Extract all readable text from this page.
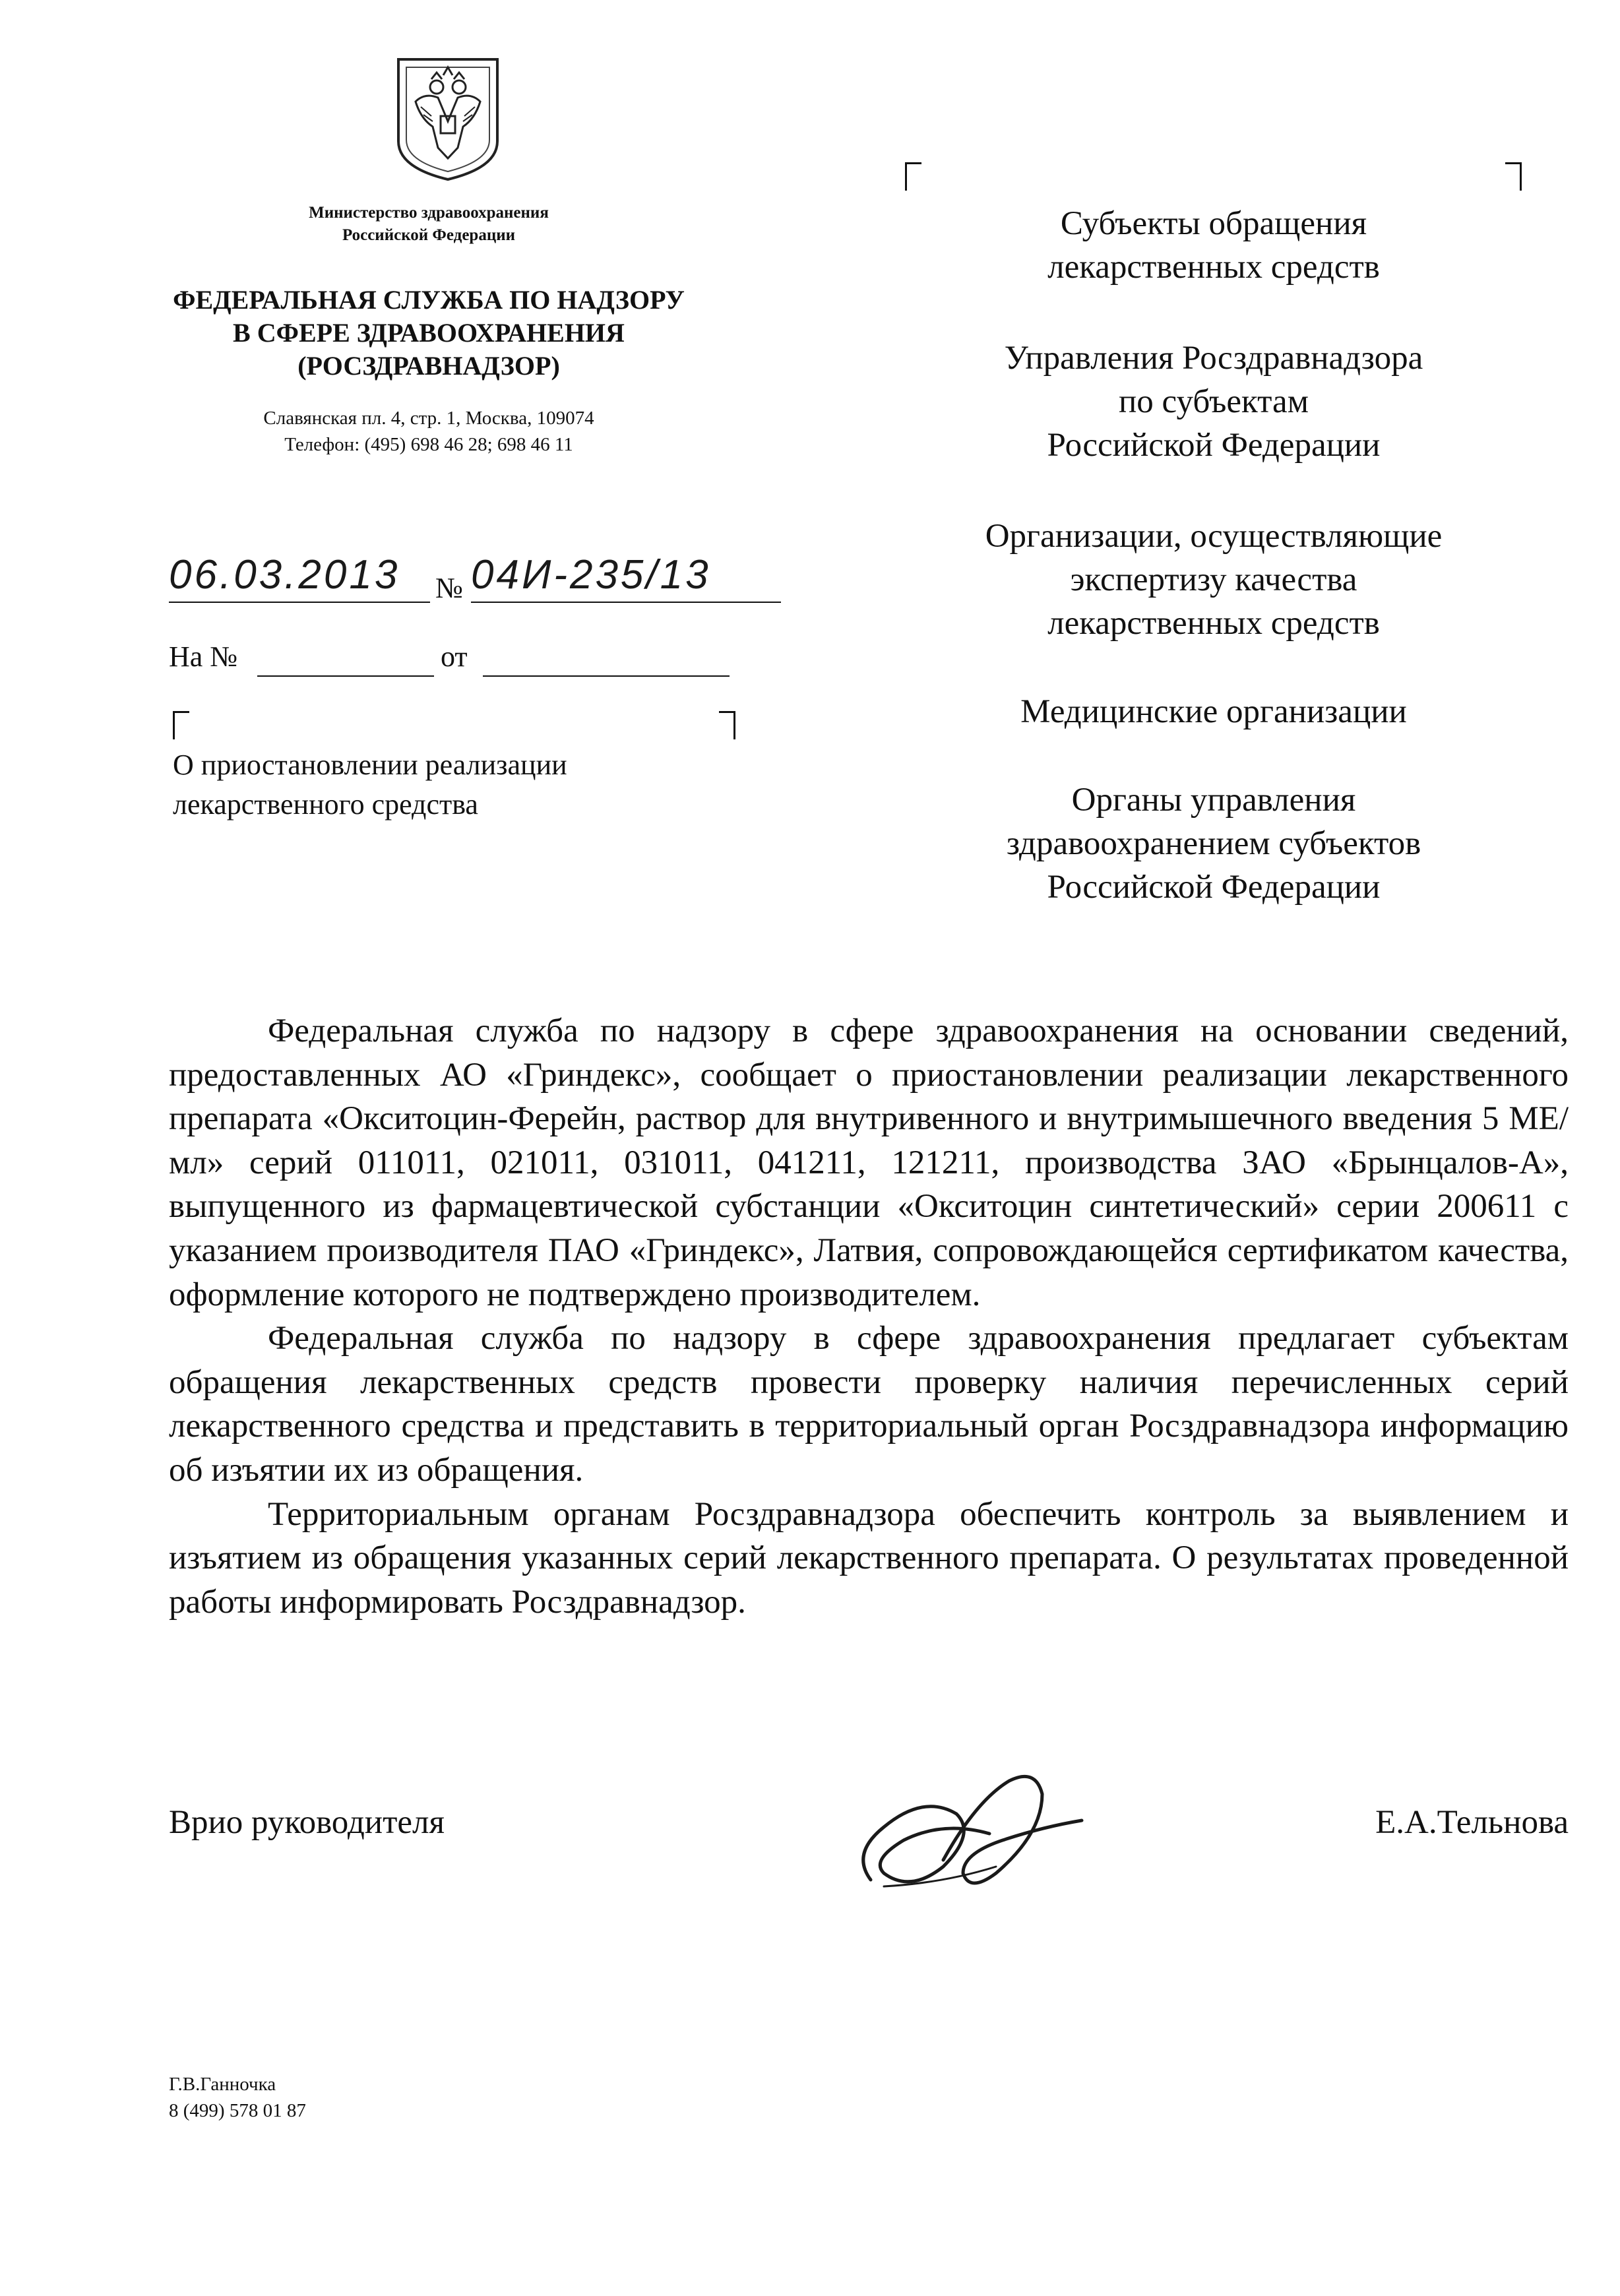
Министерство здравоохранения
Российской Федерации
ФЕДЕРАЛЬНАЯ СЛУЖБА ПО НАДЗОРУ
В СФЕРЕ ЗДРАВООХРАНЕНИЯ
(РОСЗДРАВНАДЗОР)
Славянская пл. 4, стр. 1, Москва, 109074
Телефон: (495) 698 46 28; 698 46 11
06.03.2013	№ 04И-235/13
На №	от
О приостановлении реализации
лекарственного средства
Субъекты обращения
лекарственных средств
Управления Росздравнадзора
по субъектам
Российской Федерации
Организации, осуществляющие
экспертизу качества
лекарственных средств
Медицинские организации
Органы управления
здравоохранением субъектов
Российской Федерации

Федеральная служба по надзору в сфере здравоохранения на основании сведений, предоставленных АО «Гриндекс», сообщает о приостановлении реализации лекарственного препарата «Окситоцин-Ферейн, раствор для внутривенного и внутримышечного введения 5 МЕ/мл» серий 011011, 021011, 031011, 041211, 121211, производства ЗАО «Брынцалов-А», выпущенного из фармацевтической субстанции «Окситоцин синтетический» серии 200611 с указанием производителя ПАО «Гриндекс», Латвия, сопровождающейся сертификатом качества, оформление которого не подтверждено производителем.

Федеральная служба по надзору в сфере здравоохранения предлагает субъектам обращения лекарственных средств провести проверку наличия перечисленных серий лекарственного средства и представить в территориальный орган Росздравнадзора информацию об изъятии их из обращения.

Территориальным органам Росздравнадзора обеспечить контроль за выявлением и изъятием из обращения указанных серий лекарственного препарата. О результатах проведенной работы информировать Росздравнадзор.

Врио руководителя	Е.А.Тельнова
Г.В.Ганночка
8 (499) 578 01 87
